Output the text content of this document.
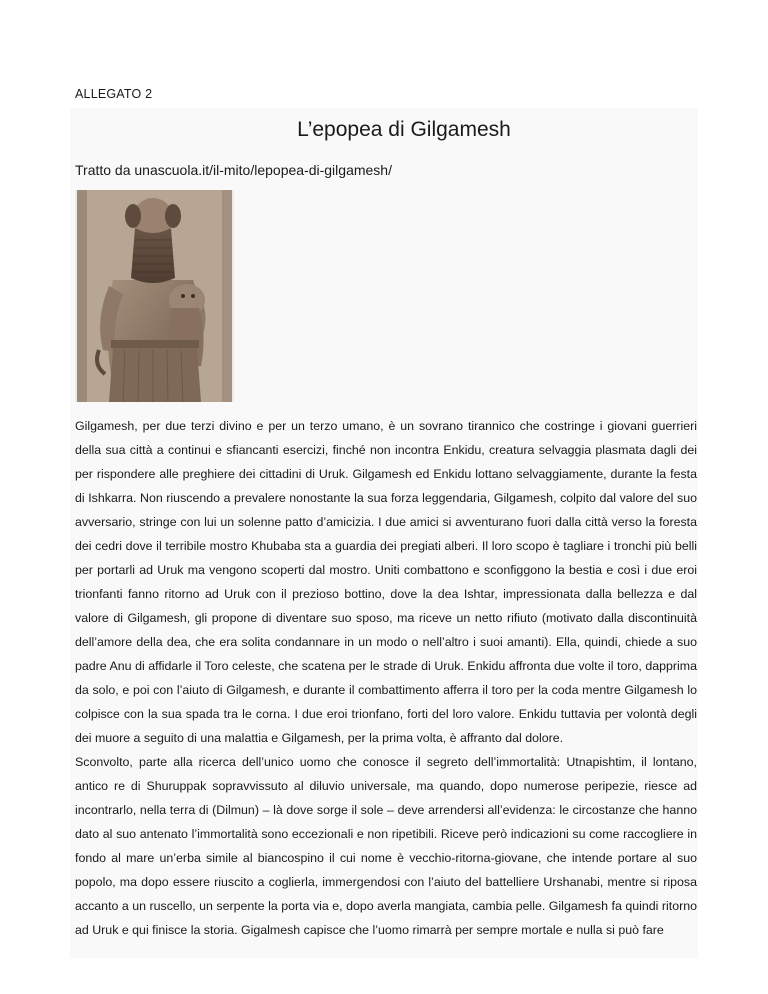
ALLEGATO 2
L’epopea di Gilgamesh
Tratto da unascuola.it/il-mito/lepopea-di-gilgamesh/

Gilgamesh, per due terzi divino e per un terzo umano, è un sovrano tirannico che costringe i giovani guerrieri della sua città a continui e sfiancanti esercizi, finché non incontra Enkidu, creatura selvaggia plasmata dagli dei per rispondere alle preghiere dei cittadini di Uruk. Gilgamesh ed Enkidu lottano selvaggiamente, durante la festa di Ishkarra. Non riuscendo a prevalere nonostante la sua forza leggendaria, Gilgamesh, colpito dal valore del suo avversario, stringe con lui un solenne patto d’amicizia. I due amici si avventurano fuori dalla città verso la foresta dei cedri dove il terribile mostro Khubaba sta a guardia dei pregiati alberi. Il loro scopo è tagliare i tronchi più belli per portarli ad Uruk ma vengono scoperti dal mostro. Uniti combattono e sconfiggono la bestia e così i due eroi trionfanti fanno ritorno ad Uruk con il prezioso bottino, dove la dea Ishtar, impressionata dalla bellezza e dal valore di Gilgamesh, gli propone di diventare suo sposo, ma riceve un netto rifiuto (motivato dalla discontinuità dell’amore della dea, che era solita condannare in un modo o nell’altro i suoi amanti). Ella, quindi, chiede a suo padre Anu di affidarle il Toro celeste, che scatena per le strade di Uruk. Enkidu affronta due volte il toro, dapprima da solo, e poi con l’aiuto di Gilgamesh, e durante il combattimento afferra il toro per la coda mentre Gilgamesh lo colpisce con la sua spada tra le corna. I due eroi trionfano, forti del loro valore. Enkidu tuttavia per volontà degli dei muore a seguito di una malattia e Gilgamesh, per la prima volta, è affranto dal dolore.

Sconvolto, parte alla ricerca dell’unico uomo che conosce il segreto dell’immortalità: Utnapishtim, il lontano, antico re di Shuruppak sopravvissuto al diluvio universale, ma quando, dopo numerose peripezie, riesce ad incontrarlo, nella terra di (Dilmun) – là dove sorge il sole – deve arrendersi all’evidenza: le circostanze che hanno dato al suo antenato l’immortalità sono eccezionali e non ripetibili. Riceve però indicazioni su come raccogliere in fondo al mare un’erba simile al biancospino il cui nome è vecchio-ritorna-giovane, che intende portare al suo popolo, ma dopo essere riuscito a coglierla, immergendosi con l’aiuto del battelliere Urshanabi, mentre si riposa accanto a un ruscello, un serpente la porta via e, dopo averla mangiata, cambia pelle. Gilgamesh fa quindi ritorno ad Uruk e qui finisce la storia. Gigalmesh capisce che l’uomo rimarrà per sempre mortale e nulla si può fare
